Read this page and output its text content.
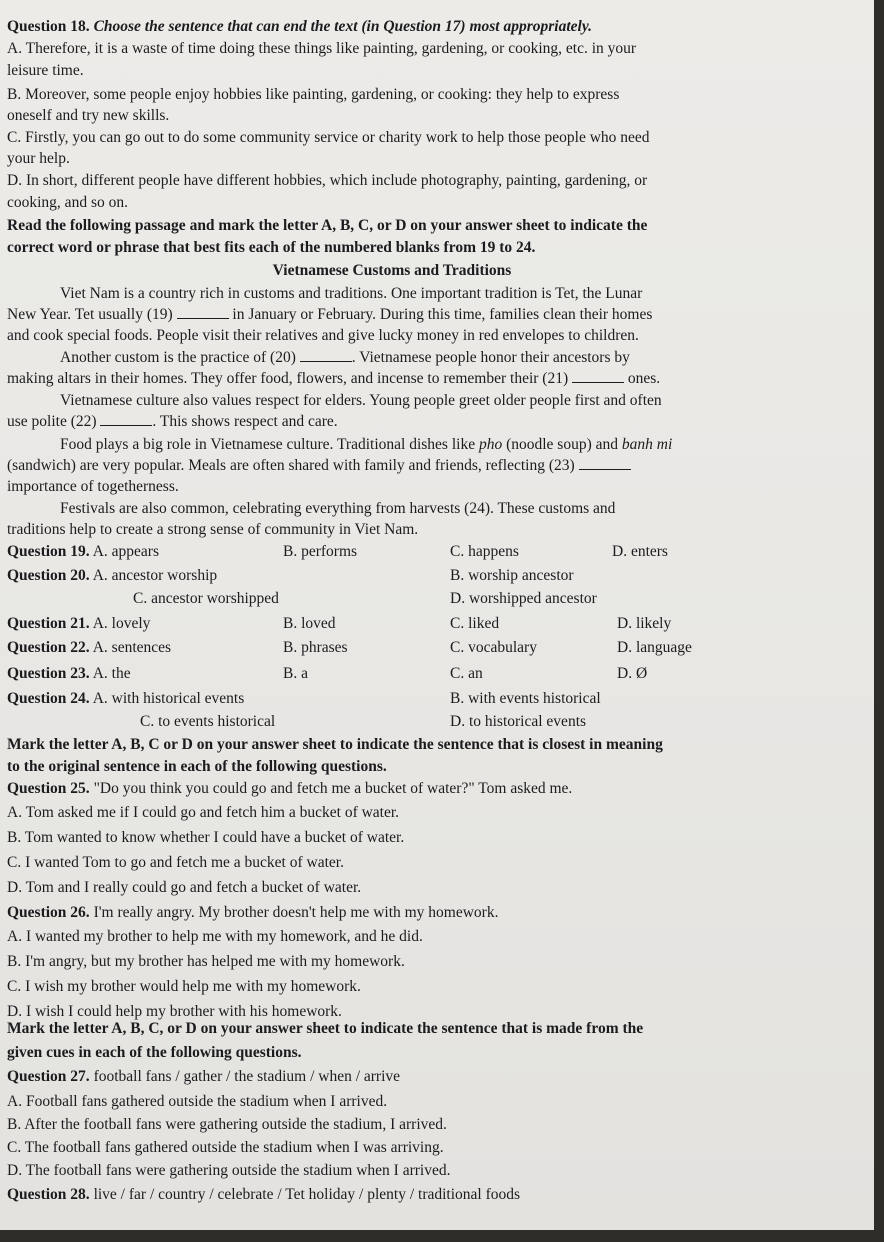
Question 18. Choose the sentence that can end the text (in Question 17) most appropriately.
A. Therefore, it is a waste of time doing these things like painting, gardening, or cooking, etc. in your
leisure time.
B. Moreover, some people enjoy hobbies like painting, gardening, or cooking: they help to express
oneself and try new skills.
C. Firstly, you can go out to do some community service or charity work to help those people who need
your help.
D. In short, different people have different hobbies, which include photography, painting, gardening, or
cooking, and so on.
Read the following passage and mark the letter A, B, C, or D on your answer sheet to indicate the
correct word or phrase that best fits each of the numbered blanks from 19 to 24.
Vietnamese Customs and Traditions
Viet Nam is a country rich in customs and traditions. One important tradition is Tet, the Lunar
New Year. Tet usually (19)	in January or February. During this time, families clean their homes
and cook special foods. People visit their relatives and give lucky money in red envelopes to children.
Another custom is the practice of (20)	. Vietnamese people honor their ancestors by
making altars in their homes. They offer food, flowers, and incense to remember their (21)	ones.
Vietnamese culture also values respect for elders. Young people greet older people first and often
use polite (22)	. This shows respect and care.
Food plays a big role in Vietnamese culture. Traditional dishes like pho (noodle soup) and banh mi
(sandwich) are very popular. Meals are often shared with family and friends, reflecting (23)
importance of togetherness.
Festivals are also common, celebrating everything from harvests (24). These customs and
traditions help to create a strong sense of community in Viet Nam.
Question 19. A. appears	B. performs	C. happens	D. enters
Question 20. A. ancestor worship	B. worship ancestor
C. ancestor worshipped	D. worshipped ancestor
Question 21. A. lovely	B. loved	C. liked	D. likely
Question 22. A. sentences	B. phrases	C. vocabulary	D. language
Question 23. A. the	B. a	C. an	D. Ø
Question 24. A. with historical events	B. with events historical
C. to events historical	D. to historical events
Mark the letter A, B, C or D on your answer sheet to indicate the sentence that is closest in meaning
to the original sentence in each of the following questions.
Question 25. "Do you think you could go and fetch me a bucket of water?" Tom asked me.
A. Tom asked me if I could go and fetch him a bucket of water.
B. Tom wanted to know whether I could have a bucket of water.
C. I wanted Tom to go and fetch me a bucket of water.
D. Tom and I really could go and fetch a bucket of water.
Question 26. I'm really angry. My brother doesn't help me with my homework.
A. I wanted my brother to help me with my homework, and he did.
B. I'm angry, but my brother has helped me with my homework.
C. I wish my brother would help me with my homework.
D. I wish I could help my brother with his homework.
Mark the letter A, B, C, or D on your answer sheet to indicate the sentence that is made from the
given cues in each of the following questions.
Question 27. football fans / gather / the stadium / when / arrive
A. Football fans gathered outside the stadium when I arrived.
B. After the football fans were gathering outside the stadium, I arrived.
C. The football fans gathered outside the stadium when I was arriving.
D. The football fans were gathering outside the stadium when I arrived.
Question 28. live / far / country / celebrate / Tet holiday / plenty / traditional foods
